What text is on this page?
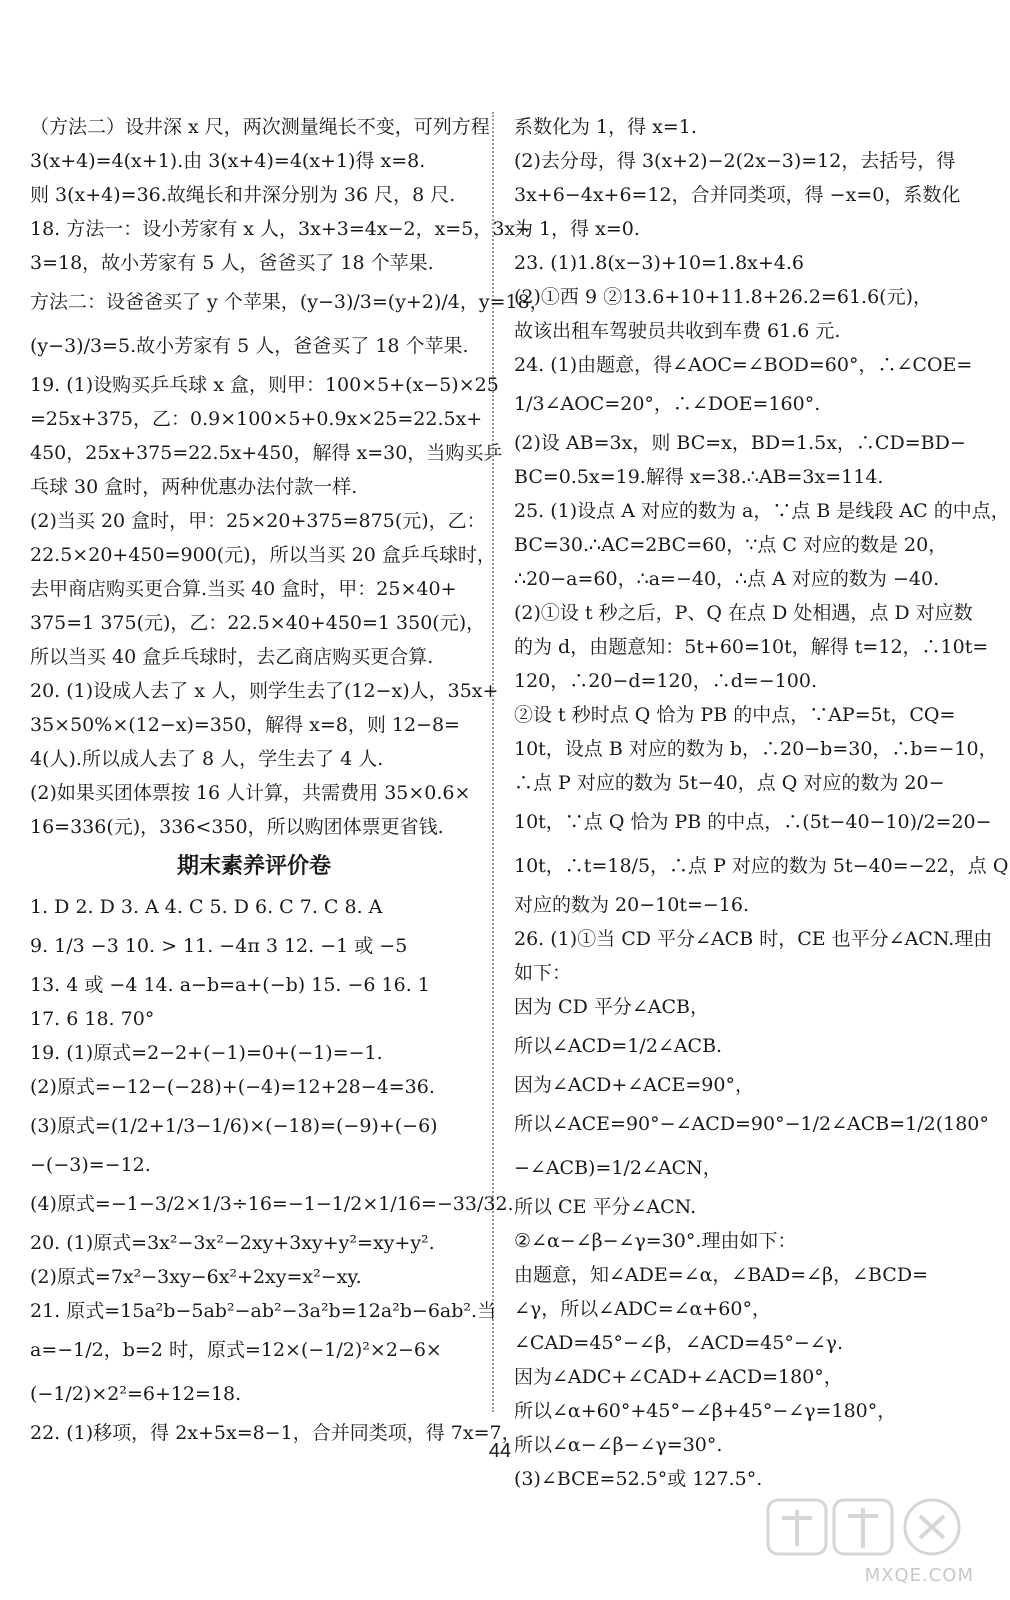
（方法二）设井深 x 尺，两次测量绳长不变，可列方程
3(x+4)=4(x+1).由 3(x+4)=4(x+1)得 x=8.
则 3(x+4)=36.故绳长和井深分别为 36 尺，8 尺.
18. 方法一：设小芳家有 x 人，3x+3=4x−2，x=5，3x+
3=18，故小芳家有 5 人，爸爸买了 18 个苹果.
方法二：设爸爸买了 y 个苹果，(y−3)/3=(y+2)/4，y=18，
(y−3)/3=5.故小芳家有 5 人，爸爸买了 18 个苹果.
19. (1)设购买乒乓球 x 盒，则甲：100×5+(x−5)×25
=25x+375，乙：0.9×100×5+0.9x×25=22.5x+
450，25x+375=22.5x+450，解得 x=30，当购买乒
乓球 30 盒时，两种优惠办法付款一样.
(2)当买 20 盒时，甲：25×20+375=875(元)，乙：
22.5×20+450=900(元)，所以当买 20 盒乒乓球时，
去甲商店购买更合算.当买 40 盒时，甲：25×40+
375=1 375(元)，乙：22.5×40+450=1 350(元)，
所以当买 40 盒乒乓球时，去乙商店购买更合算.
20. (1)设成人去了 x 人，则学生去了(12−x)人，35x+
35×50%×(12−x)=350，解得 x=8，则 12−8=
4(人).所以成人去了 8 人，学生去了 4 人.
(2)如果买团体票按 16 人计算，共需费用 35×0.6×
16=336(元)，336<350，所以购团体票更省钱.
期末素养评价卷
1. D 2. D 3. A 4. C 5. D 6. C 7. C 8. A
9. 1/3 −3 10. > 11. −4π 3 12. −1 或 −5
13. 4 或 −4 14. a−b=a+(−b) 15. −6 16. 1
17. 6 18. 70°
19. (1)原式=2−2+(−1)=0+(−1)=−1.
(2)原式=−12−(−28)+(−4)=12+28−4=36.
(3)原式=(1/2+1/3−1/6)×(−18)=(−9)+(−6)
−(−3)=−12.
(4)原式=−1−3/2×1/3÷16=−1−1/2×1/16=−33/32.
20. (1)原式=3x²−3x²−2xy+3xy+y²=xy+y².
(2)原式=7x²−3xy−6x²+2xy=x²−xy.
21. 原式=15a²b−5ab²−ab²−3a²b=12a²b−6ab².当
a=−1/2，b=2 时，原式=12×(−1/2)²×2−6×
(−1/2)×2²=6+12=18.
22. (1)移项，得 2x+5x=8−1，合并同类项，得 7x=7，
系数化为 1，得 x=1.
(2)去分母，得 3(x+2)−2(2x−3)=12，去括号，得
3x+6−4x+6=12，合并同类项，得 −x=0，系数化
为 1，得 x=0.
23. (1)1.8(x−3)+10=1.8x+4.6
(2)①西 9 ②13.6+10+11.8+26.2=61.6(元)，
故该出租车驾驶员共收到车费 61.6 元.
24. (1)由题意，得∠AOC=∠BOD=60°，∴∠COE=
1/3∠AOC=20°，∴∠DOE=160°.
(2)设 AB=3x，则 BC=x，BD=1.5x，∴CD=BD−
BC=0.5x=19.解得 x=38.∴AB=3x=114.
25. (1)设点 A 对应的数为 a，∵点 B 是线段 AC 的中点，
BC=30.∴AC=2BC=60，∵点 C 对应的数是 20，
∴20−a=60，∴a=−40，∴点 A 对应的数为 −40.
(2)①设 t 秒之后，P、Q 在点 D 处相遇，点 D 对应数
的为 d，由题意知：5t+60=10t，解得 t=12，∴10t=
120，∴20−d=120，∴d=−100.
②设 t 秒时点 Q 恰为 PB 的中点，∵AP=5t，CQ=
10t，设点 B 对应的数为 b，∴20−b=30，∴b=−10，
∴点 P 对应的数为 5t−40，点 Q 对应的数为 20−
10t，∵点 Q 恰为 PB 的中点，∴(5t−40−10)/2=20−
10t，∴t=18/5，∴点 P 对应的数为 5t−40=−22，点 Q
对应的数为 20−10t=−16.
26. (1)①当 CD 平分∠ACB 时，CE 也平分∠ACN.理由
如下：
因为 CD 平分∠ACB，
所以∠ACD=1/2∠ACB.
因为∠ACD+∠ACE=90°，
所以∠ACE=90°−∠ACD=90°−1/2∠ACB=1/2(180°
−∠ACB)=1/2∠ACN，
所以 CE 平分∠ACN.
②∠α−∠β−∠γ=30°.理由如下：
由题意，知∠ADE=∠α，∠BAD=∠β，∠BCD=
∠γ，所以∠ADC=∠α+60°，
∠CAD=45°−∠β，∠ACD=45°−∠γ.
因为∠ADC+∠CAD+∠ACD=180°，
所以∠α+60°+45°−∠β+45°−∠γ=180°，
所以∠α−∠β−∠γ=30°.
(3)∠BCE=52.5°或 127.5°.
44
MXQE.COM
